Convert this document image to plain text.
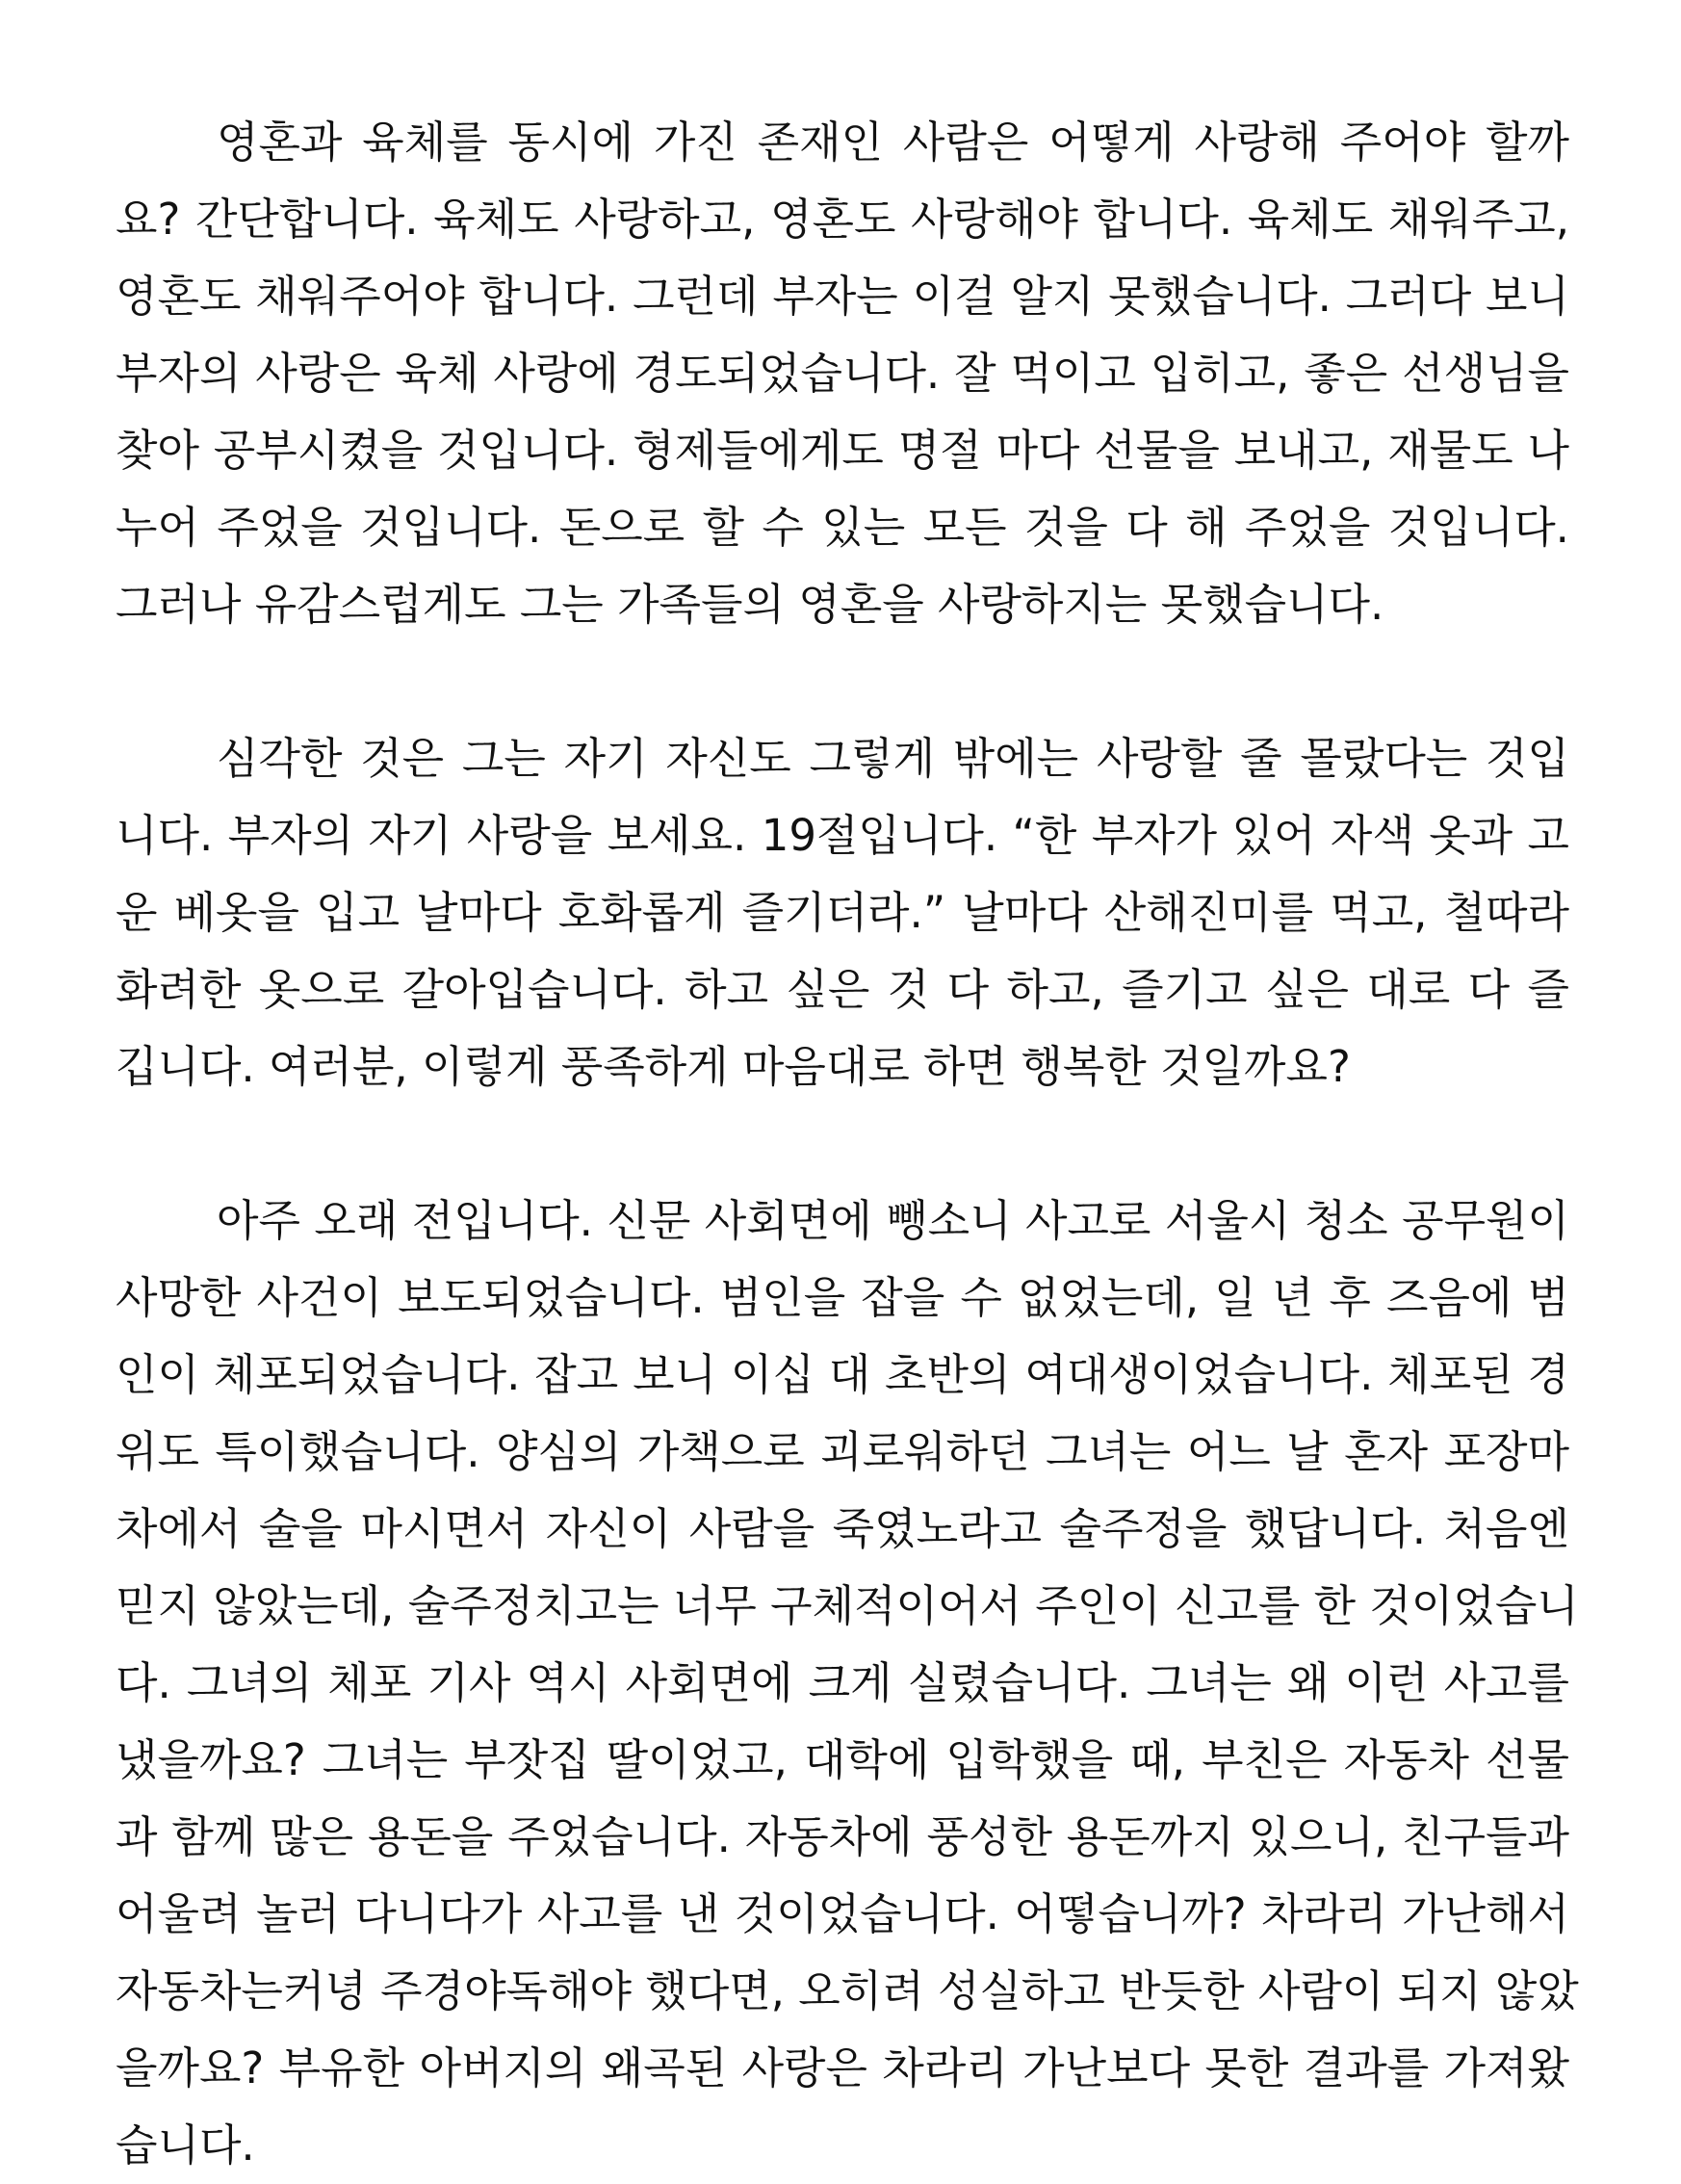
영혼과 육체를 동시에 가진 존재인 사람은 어떻게 사랑해 주어야 할까
요? 간단합니다. 육체도 사랑하고, 영혼도 사랑해야 합니다. 육체도 채워주고,
영혼도 채워주어야 합니다. 그런데 부자는 이걸 알지 못했습니다. 그러다 보니
부자의 사랑은 육체 사랑에 경도되었습니다. 잘 먹이고 입히고, 좋은 선생님을
찾아 공부시켰을 것입니다. 형제들에게도 명절 마다 선물을 보내고, 재물도 나
누어 주었을 것입니다. 돈으로 할 수 있는 모든 것을 다 해 주었을 것입니다.
그러나 유감스럽게도 그는 가족들의 영혼을 사랑하지는 못했습니다.
심각한 것은 그는 자기 자신도 그렇게 밖에는 사랑할 줄 몰랐다는 것입
니다. 부자의 자기 사랑을 보세요. 19절입니다. “한 부자가 있어 자색 옷과 고
운 베옷을 입고 날마다 호화롭게 즐기더라.” 날마다 산해진미를 먹고, 철따라
화려한 옷으로 갈아입습니다. 하고 싶은 것 다 하고, 즐기고 싶은 대로 다 즐
깁니다. 여러분, 이렇게 풍족하게 마음대로 하면 행복한 것일까요?
아주 오래 전입니다. 신문 사회면에 뺑소니 사고로 서울시 청소 공무원이
사망한 사건이 보도되었습니다. 범인을 잡을 수 없었는데, 일 년 후 즈음에 범
인이 체포되었습니다. 잡고 보니 이십 대 초반의 여대생이었습니다. 체포된 경
위도 특이했습니다. 양심의 가책으로 괴로워하던 그녀는 어느 날 혼자 포장마
차에서 술을 마시면서 자신이 사람을 죽였노라고 술주정을 했답니다. 처음엔
믿지 않았는데, 술주정치고는 너무 구체적이어서 주인이 신고를 한 것이었습니
다. 그녀의 체포 기사 역시 사회면에 크게 실렸습니다. 그녀는 왜 이런 사고를
냈을까요? 그녀는 부잣집 딸이었고, 대학에 입학했을 때, 부친은 자동차 선물
과 함께 많은 용돈을 주었습니다. 자동차에 풍성한 용돈까지 있으니, 친구들과
어울려 놀러 다니다가 사고를 낸 것이었습니다. 어떻습니까? 차라리 가난해서
자동차는커녕 주경야독해야 했다면, 오히려 성실하고 반듯한 사람이 되지 않았
을까요? 부유한 아버지의 왜곡된 사랑은 차라리 가난보다 못한 결과를 가져왔
습니다.
